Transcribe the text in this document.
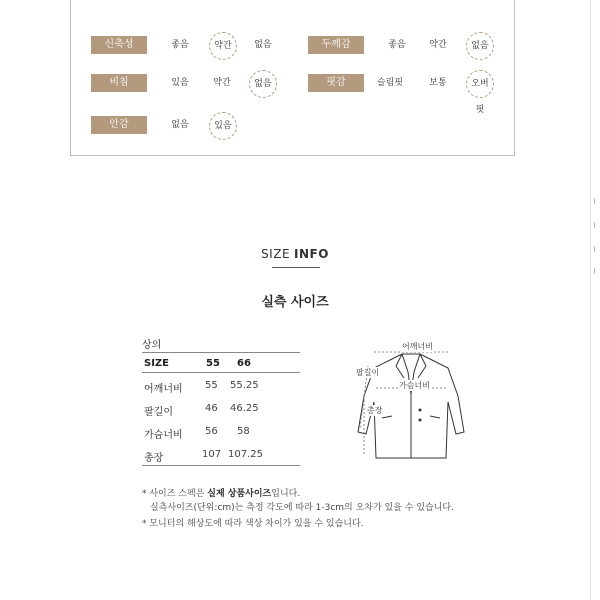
신축성	좋음	약간	없음	두께감	좋음	약간	없음
비침	있음	약간	없음	핏감	슬림핏	보통	오버핏
안감	없음	있음
SIZE INFO
실측 사이즈
상의
SIZE	55 66
어깨너비 55 55.25
팔길이	46 46.25
가슴너비 56 58
총장	107 107.25
어깨너비
팔길이
가슴너비
총장
* 사이즈 스펙은 실제 상품사이즈입니다.
실측사이즈(단위:cm)는 측정 각도에 따라 1-3cm의 오차가 있을 수 있습니다.
* 모니터의 해상도에 따라 색상 차이가 있을 수 있습니다.
